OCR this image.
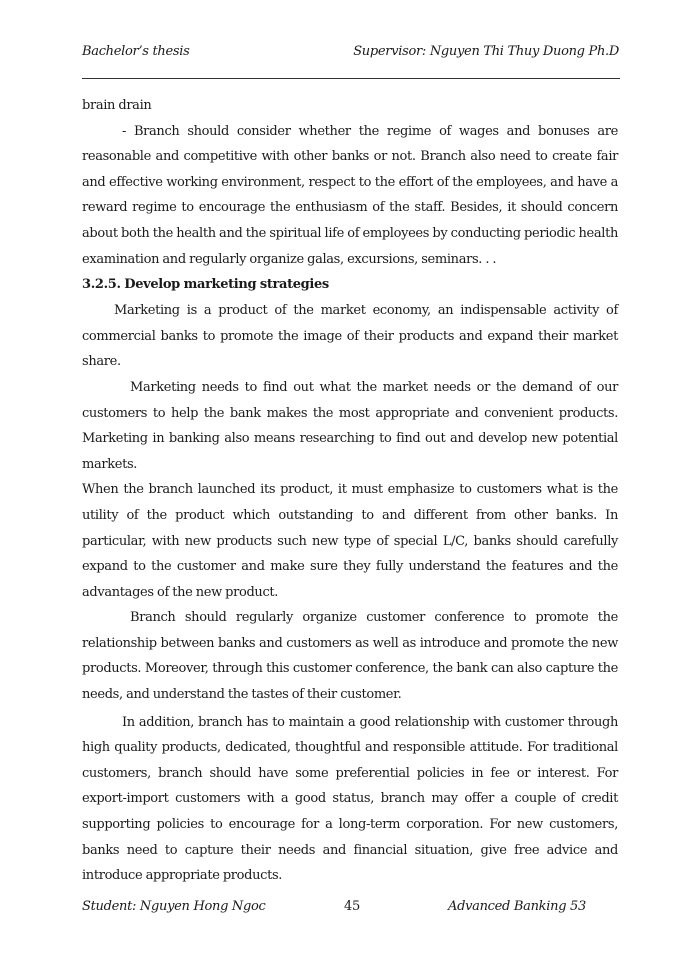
Bachelor’s thesis	Supervisor: Nguyen Thi Thuy Duong Ph.D

brain drain

- Branch should consider whether the regime of wages and bonuses are reasonable and competitive with other banks or not. Branch also need to create fair and effective working environment, respect to the effort of the employees, and have a reward regime to encourage the enthusiasm of the staff. Besides, it should concern about both the health and the spiritual life of employees by conducting periodic health examination and regularly organize galas, excursions, seminars. . .

3.2.5. Develop marketing strategies

Marketing is a product of the market economy, an indispensable activity of commercial banks to promote the image of their products and expand their market share.

Marketing needs to find out what the market needs or the demand of our customers to help the bank makes the most appropriate and convenient products. Marketing in banking also means researching to find out and develop new potential markets.

When the branch launched its product, it must emphasize to customers what is the utility of the product which outstanding to and different from other banks. In particular, with new products such new type of special L/C, banks should carefully expand to the customer and make sure they fully understand the features and the advantages of the new product.

Branch should regularly organize customer conference to promote the relationship between banks and customers as well as introduce and promote the new products. Moreover, through this customer conference, the bank can also capture the needs, and understand the tastes of their customer.

In addition, branch has to maintain a good relationship with customer through high quality products, dedicated, thoughtful and responsible attitude. For traditional customers, branch should have some preferential policies in fee or interest. For export-import customers with a good status, branch may offer a couple of credit supporting policies to encourage for a long-term corporation. For new customers, banks need to capture their needs and financial situation, give free advice and introduce appropriate products.

Student: Nguyen Hong Ngoc	45	Advanced Banking 53
